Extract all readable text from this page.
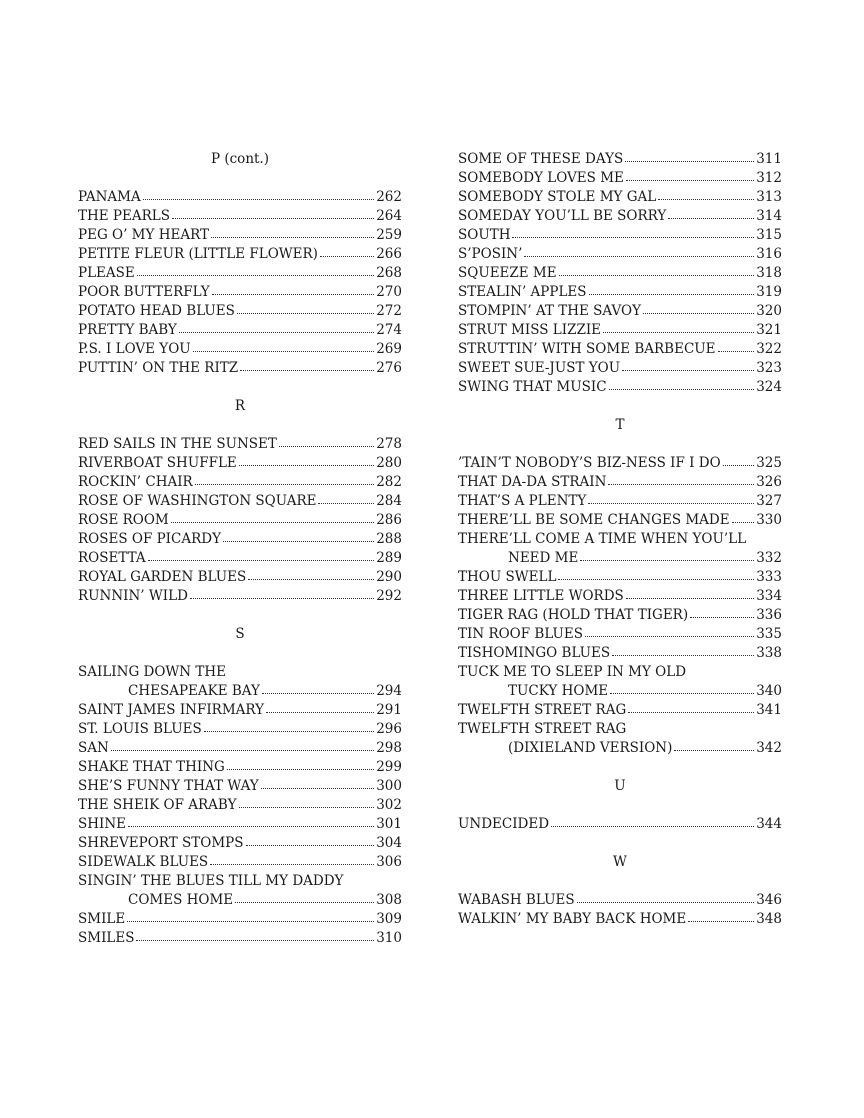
P (cont.)
PANAMA	262
THE PEARLS	264
PEG O’ MY HEART	259
PETITE FLEUR (LITTLE FLOWER)	266
PLEASE	268
POOR BUTTERFLY	270
POTATO HEAD BLUES	272
PRETTY BABY	274
P.S. I LOVE YOU	269
PUTTIN’ ON THE RITZ	276
R
RED SAILS IN THE SUNSET	278
RIVERBOAT SHUFFLE	280
ROCKIN’ CHAIR	282
ROSE OF WASHINGTON SQUARE	284
ROSE ROOM	286
ROSES OF PICARDY	288
ROSETTA	289
ROYAL GARDEN BLUES	290
RUNNIN’ WILD	292
S
SAILING DOWN THE
CHESAPEAKE BAY	294
SAINT JAMES INFIRMARY	291
ST. LOUIS BLUES	296
SAN	298
SHAKE THAT THING	299
SHE’S FUNNY THAT WAY	300
THE SHEIK OF ARABY	302
SHINE	301
SHREVEPORT STOMPS	304
SIDEWALK BLUES	306
SINGIN’ THE BLUES TILL MY DADDY
COMES HOME	308
SMILE	309
SMILES	310
SOME OF THESE DAYS	311
SOMEBODY LOVES ME	312
SOMEBODY STOLE MY GAL	313
SOMEDAY YOU’LL BE SORRY	314
SOUTH	315
S’POSIN’	316
SQUEEZE ME	318
STEALIN’ APPLES	319
STOMPIN’ AT THE SAVOY	320
STRUT MISS LIZZIE	321
STRUTTIN’ WITH SOME BARBECUE	322
SWEET SUE-JUST YOU	323
SWING THAT MUSIC	324
T
’TAIN’T NOBODY’S BIZ-NESS IF I DO	325
THAT DA-DA STRAIN	326
THAT’S A PLENTY	327
THERE’LL BE SOME CHANGES MADE 330
THERE’LL COME A TIME WHEN YOU’LL
NEED ME	332
THOU SWELL	333
THREE LITTLE WORDS	334
TIGER RAG (HOLD THAT TIGER)	336
TIN ROOF BLUES	335
TISHOMINGO BLUES	338
TUCK ME TO SLEEP IN MY OLD
TUCKY HOME	340
TWELFTH STREET RAG	341
TWELFTH STREET RAG
(DIXIELAND VERSION)	342
U
UNDECIDED	344
W
WABASH BLUES	346
WALKIN’ MY BABY BACK HOME	348
